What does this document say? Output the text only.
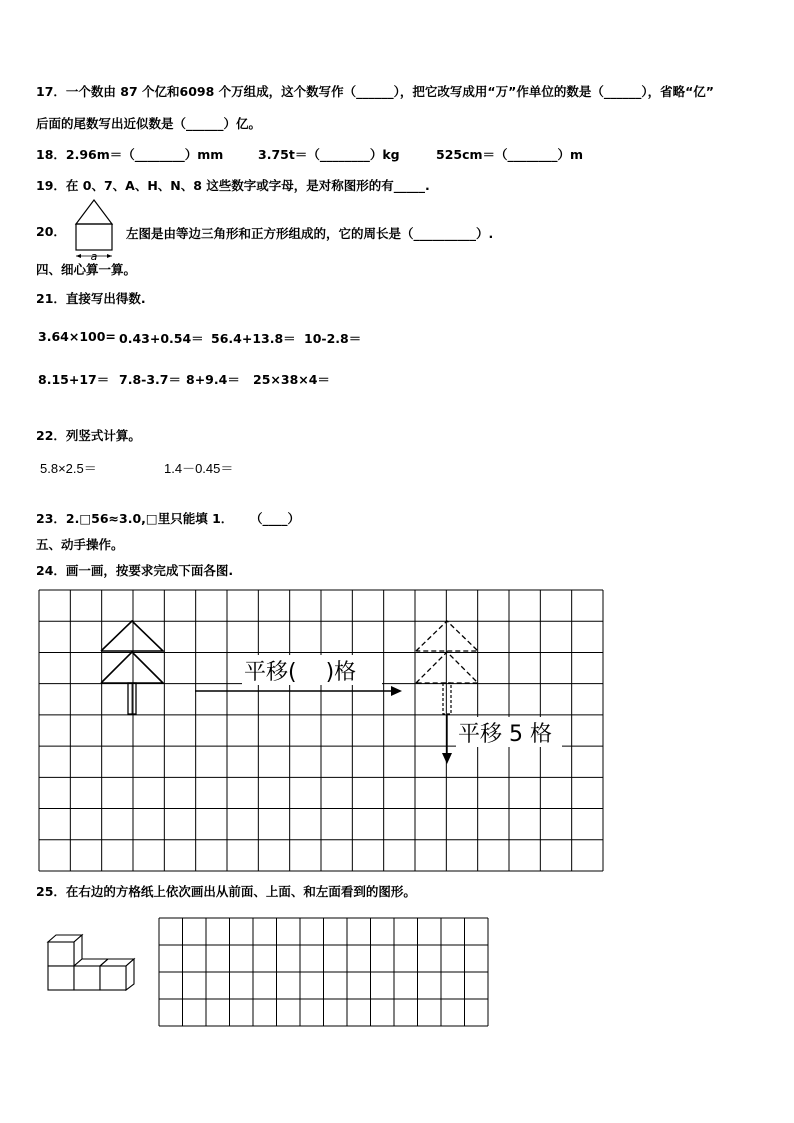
17．一个数由 87 个亿和6098 个万组成，这个数写作（______），把它改写成用“万”作单位的数是（______），省略“亿”
后面的尾数写出近似数是（______）亿。
18．2.96m＝（________）mm	3.75t＝（________）kg	525cm＝（________）m
19．在 0、7、A、H、N、8 这些数字或字母，是对称图形的有_____.
20．
a
左图是由等边三角形和正方形组成的，它的周长是（__________）.
四、细心算一算。
21．直接写出得数.
3.64×100= 0.43+0.54＝ 56.4+13.8＝ 10-2.8＝
8.15+17＝ 7.8-3.7＝ 8+9.4＝ 25×38×4＝
22．列竖式计算。
5.8×2.5＝	1.4－0.45＝
23．2.□56≈3.0,□里只能填 1． （____）
五、动手操作。
24．画一画，按要求完成下面各图.
平移(　 )格
平移 5 格
25．在右边的方格纸上依次画出从前面、上面、和左面看到的图形。
